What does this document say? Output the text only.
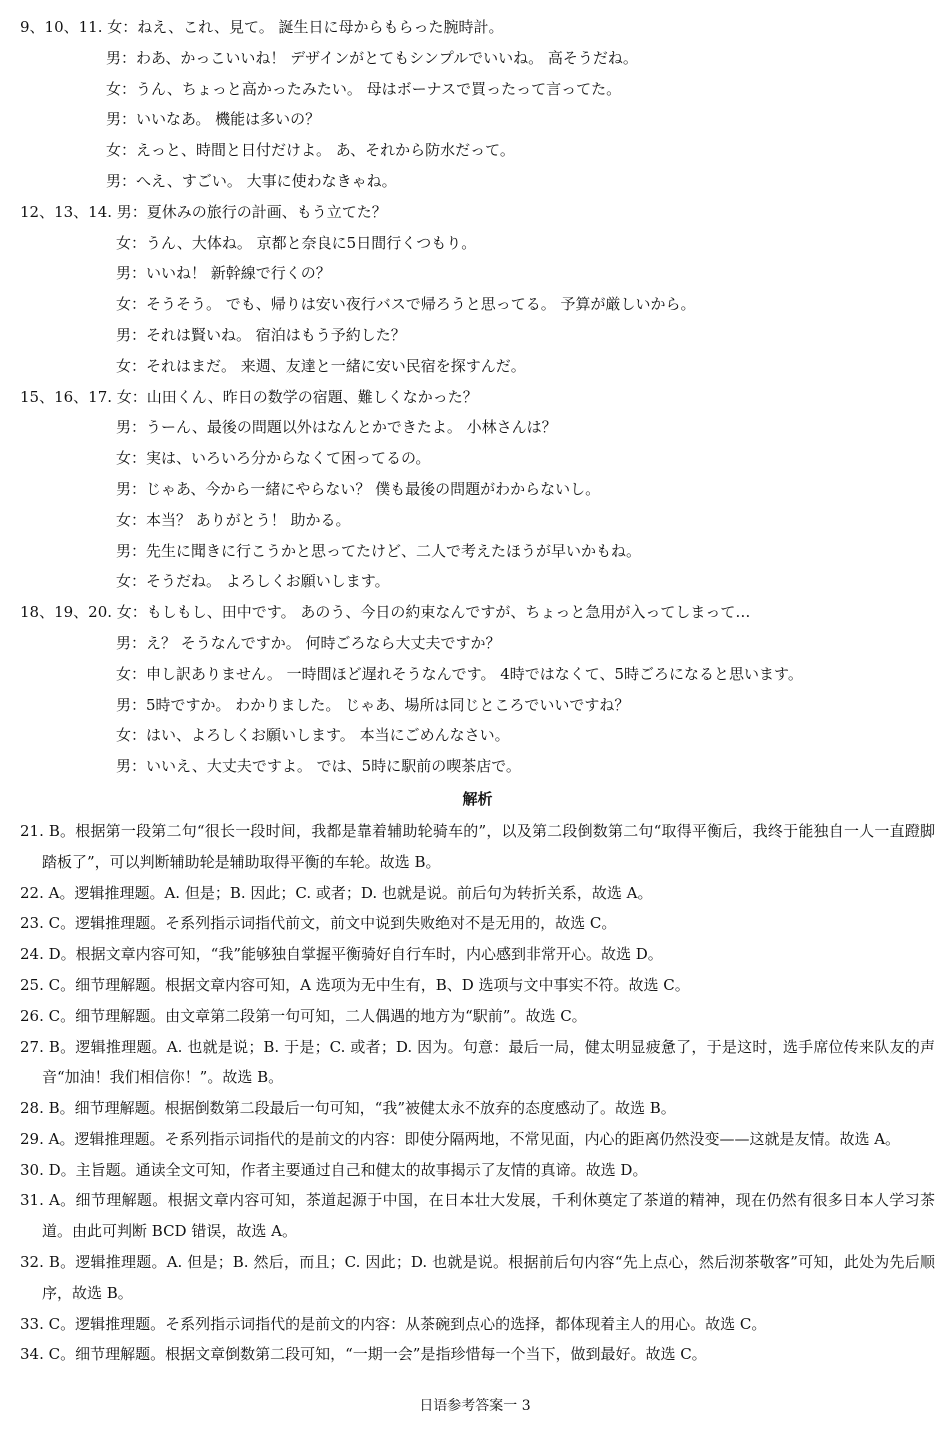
9、10、11. 女：ねえ、これ、見て。 誕生日に母からもらった腕時計。
男：わあ、かっこいいね！ デザインがとてもシンプルでいいね。 高そうだね。
女：うん、ちょっと高かったみたい。 母はボーナスで買ったって言ってた。
男：いいなあ。 機能は多いの？
女：えっと、時間と日付だけよ。 あ、それから防水だって。
男：へえ、すごい。 大事に使わなきゃね。
12、13、14. 男：夏休みの旅行の計画、もう立てた？
女：うん、大体ね。 京都と奈良に5日間行くつもり。
男：いいね！ 新幹線で行くの？
女：そうそう。 でも、帰りは安い夜行バスで帰ろうと思ってる。 予算が厳しいから。
男：それは賢いね。 宿泊はもう予約した？
女：それはまだ。 来週、友達と一緒に安い民宿を探すんだ。
15、16、17. 女：山田くん、昨日の数学の宿題、難しくなかった？
男：うーん、最後の問題以外はなんとかできたよ。 小林さんは？
女：実は、いろいろ分からなくて困ってるの。
男：じゃあ、今から一緒にやらない？ 僕も最後の問題がわからないし。
女：本当？ ありがとう！ 助かる。
男：先生に聞きに行こうかと思ってたけど、二人で考えたほうが早いかもね。
女：そうだね。 よろしくお願いします。
18、19、20. 女：もしもし、田中です。 あのう、今日の約束なんですが、ちょっと急用が入ってしまって…
男：え？ そうなんですか。 何時ごろなら大丈夫ですか？
女：申し訳ありません。 一時間ほど遅れそうなんです。 4時ではなくて、5時ごろになると思います。
男：5時ですか。 わかりました。 じゃあ、場所は同じところでいいですね？
女：はい、よろしくお願いします。 本当にごめんなさい。
男：いいえ、大丈夫ですよ。 では、5時に駅前の喫茶店で。
解析
21. B。根据第一段第二句“很长一段时间，我都是靠着辅助轮骑车的”，以及第二段倒数第二句“取得平衡后，我终于能独自一人一直蹬脚踏板了”，可以判断辅助轮是辅助取得平衡的车轮。故选 B。
22. A。逻辑推理题。A. 但是；B. 因此；C. 或者；D. 也就是说。前后句为转折关系，故选 A。
23. C。逻辑推理题。そ系列指示词指代前文，前文中说到失败绝对不是无用的，故选 C。
24. D。根据文章内容可知，“我”能够独自掌握平衡骑好自行车时，内心感到非常开心。故选 D。
25. C。细节理解题。根据文章内容可知，A 选项为无中生有，B、D 选项与文中事实不符。故选 C。
26. C。细节理解题。由文章第二段第一句可知，二人偶遇的地方为“駅前”。故选 C。
27. B。逻辑推理题。A. 也就是说；B. 于是；C. 或者；D. 因为。句意：最后一局，健太明显疲惫了，于是这时，选手席位传来队友的声音“加油！我们相信你！”。故选 B。
28. B。细节理解题。根据倒数第二段最后一句可知，“我”被健太永不放弃的态度感动了。故选 B。
29. A。逻辑推理题。そ系列指示词指代的是前文的内容：即使分隔两地，不常见面，内心的距离仍然没变——这就是友情。故选 A。
30. D。主旨题。通读全文可知，作者主要通过自己和健太的故事揭示了友情的真谛。故选 D。
31. A。细节理解题。根据文章内容可知，茶道起源于中国，在日本壮大发展，千利休奠定了茶道的精神，现在仍然有很多日本人学习茶道。由此可判断 BCD 错误，故选 A。
32. B。逻辑推理题。A. 但是；B. 然后，而且；C. 因此；D. 也就是说。根据前后句内容“先上点心，然后沏茶敬客”可知，此处为先后顺序，故选 B。
33. C。逻辑推理题。そ系列指示词指代的是前文的内容：从茶碗到点心的选择，都体现着主人的用心。故选 C。
34. C。细节理解题。根据文章倒数第二段可知，“一期一会”是指珍惜每一个当下，做到最好。故选 C。
日语参考答案一 3
